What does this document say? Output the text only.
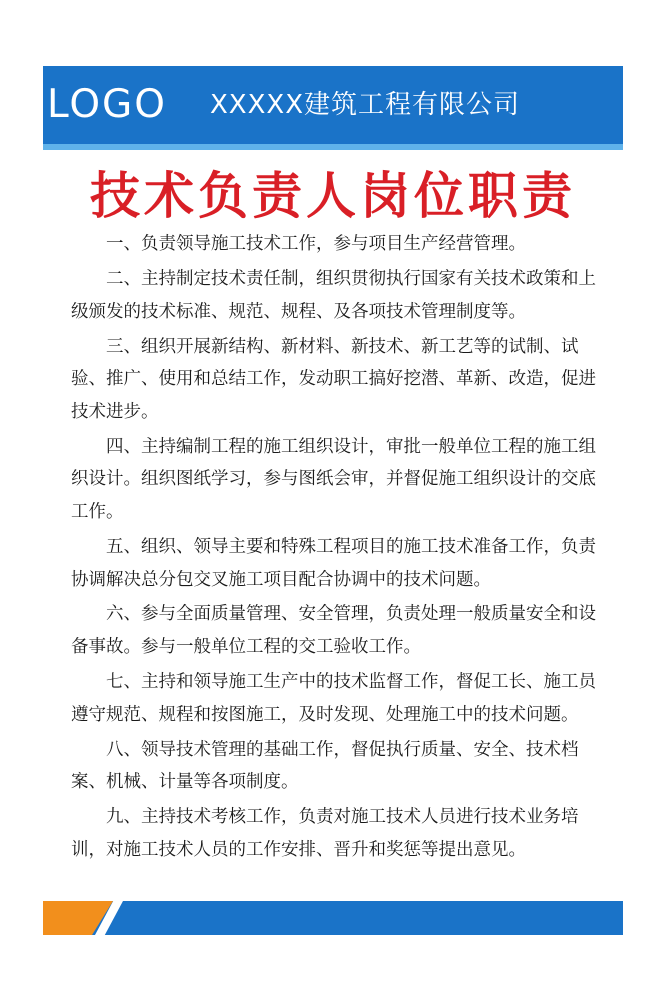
LOGO XXXXX建筑工程有限公司
技术负责人岗位职责

一、负责领导施工技术工作，参与项目生产经营管理。

二、主持制定技术责任制，组织贯彻执行国家有关技术政策和上级颁发的技术标准、规范、规程、及各项技术管理制度等。

三、组织开展新结构、新材料、新技术、新工艺等的试制、试验、推广、使用和总结工作，发动职工搞好挖潜、革新、改造，促进技术进步。

四、主持编制工程的施工组织设计，审批一般单位工程的施工组织设计。组织图纸学习，参与图纸会审，并督促施工组织设计的交底工作。

五、组织、领导主要和特殊工程项目的施工技术准备工作，负责协调解决总分包交叉施工项目配合协调中的技术问题。

六、参与全面质量管理、安全管理，负责处理一般质量安全和设备事故。参与一般单位工程的交工验收工作。

七、主持和领导施工生产中的技术监督工作，督促工长、施工员遵守规范、规程和按图施工，及时发现、处理施工中的技术问题。

八、领导技术管理的基础工作，督促执行质量、安全、技术档案、机械、计量等各项制度。

九、主持技术考核工作，负责对施工技术人员进行技术业务培训，对施工技术人员的工作安排、晋升和奖惩等提出意见。
